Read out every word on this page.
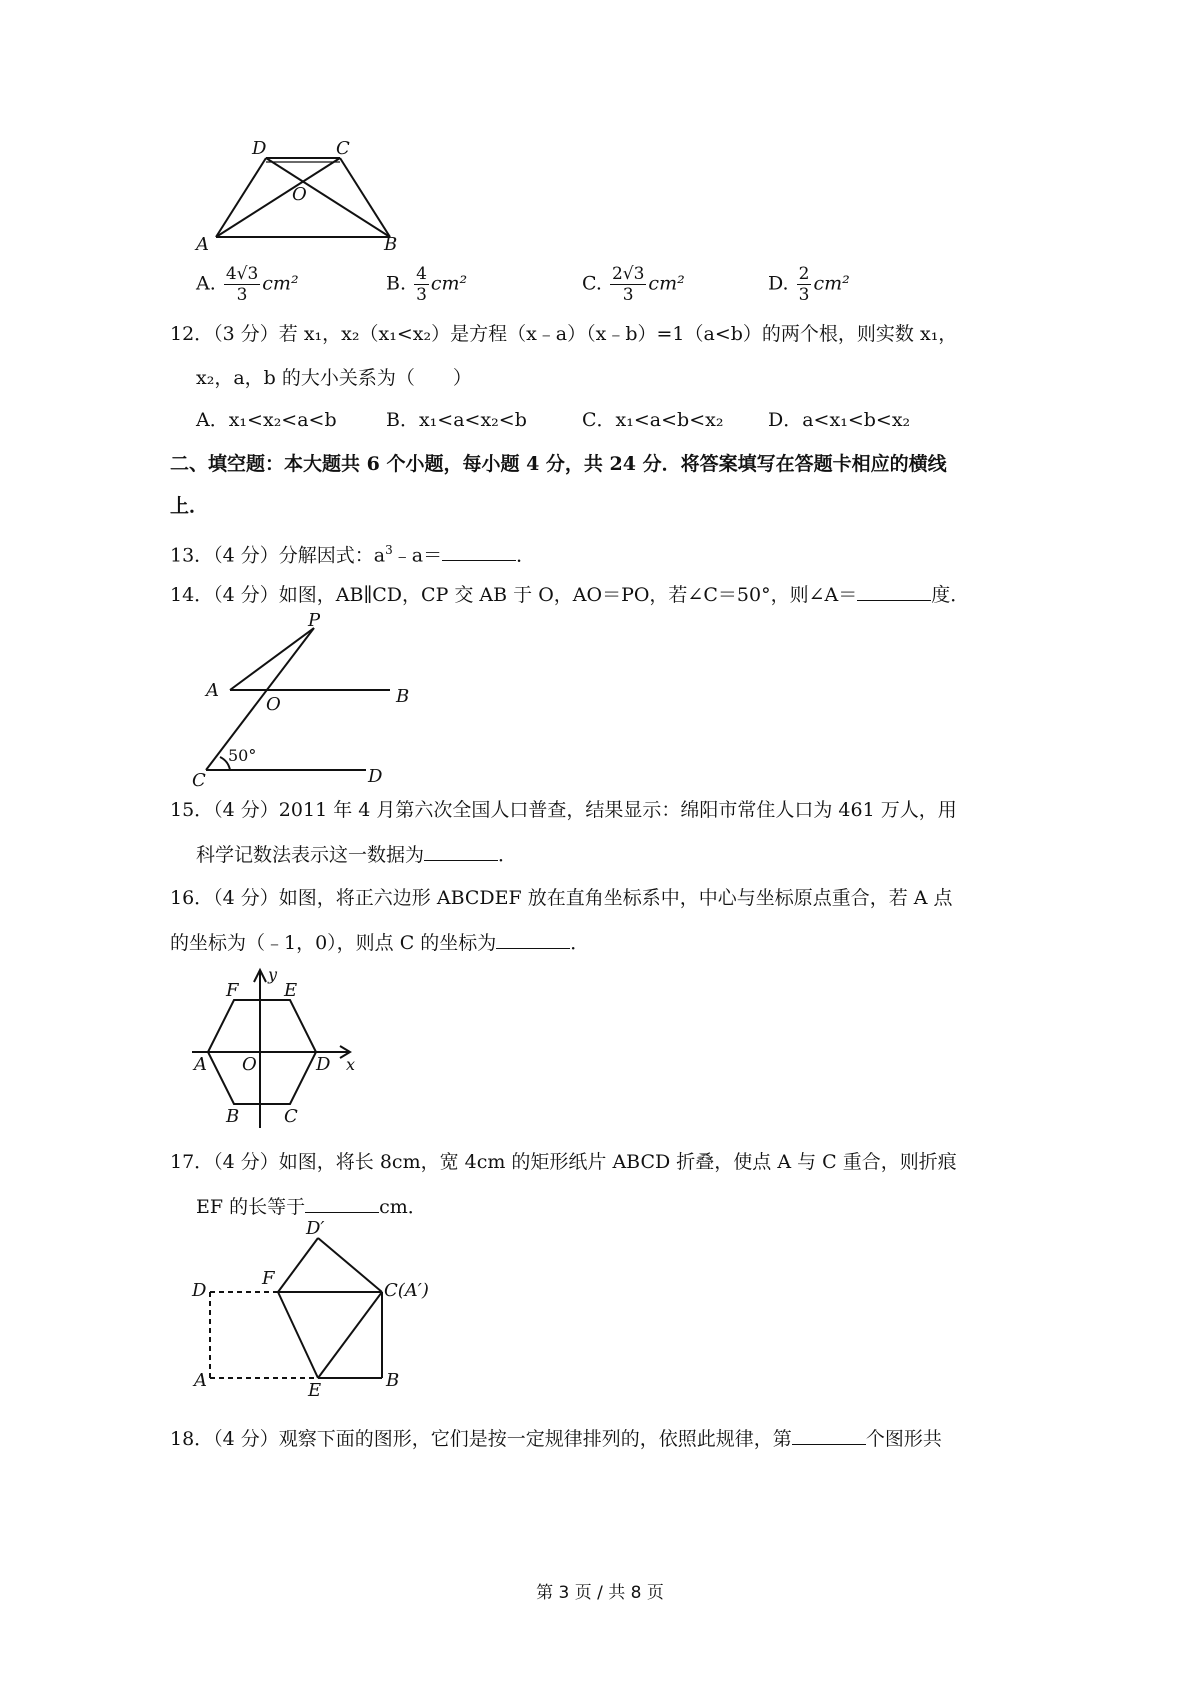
D	C
O
A	B
A. $\frac{4√3}{3} cm^2$	B. $\frac{4}{3} cm^2$	C. $\frac{2√3}{3} cm^2$	D. $\frac{2}{3} cm^2$
12．（3 分）若 x₁，x₂（x₁<x₂）是方程（x﹣a）（x﹣b）=1（a<b）的两个根，则实数 x₁，
x₂，a，b 的大小关系为（　　）
A．x₁<x₂<a<b	B．x₁<a<x₂<b	C．x₁<a<b<x₂ D．a<x₁<b<x₂
二、填空题：本大题共 6 个小题，每小题 4 分，共 24 分．将答案填写在答题卡相应的横线
上．
13．（4 分）分解因式：$a^3﹣a=$	．
14．（4 分）如图，AB∥CD，CP 交 AB 于 O，AO＝PO，若∠C＝50°，则∠A＝	度．
P
A
O	B
50°
C	D
15．（4 分）2011 年 4 月第六次全国人口普查，结果显示：绵阳市常住人口为 461 万人，用
科学记数法表示这一数据为	．
16．（4 分）如图，将正六边形 ABCDEF 放在直角坐标系中，中心与坐标原点重合，若 A 点
的坐标为（﹣1，0），则点 C 的坐标为	．
y
F	E
A O	D x
B C
17．（4 分）如图，将长 8cm，宽 4cm 的矩形纸片 ABCD 折叠，使点 A 与 C 重合，则折痕
EF 的长等于	cm．
D′
D
F
C(A′)
A	E	B
18．（4 分）观察下面的图形，它们是按一定规律排列的，依照此规律，第	个图形共
第 3 页 / 共 8 页
